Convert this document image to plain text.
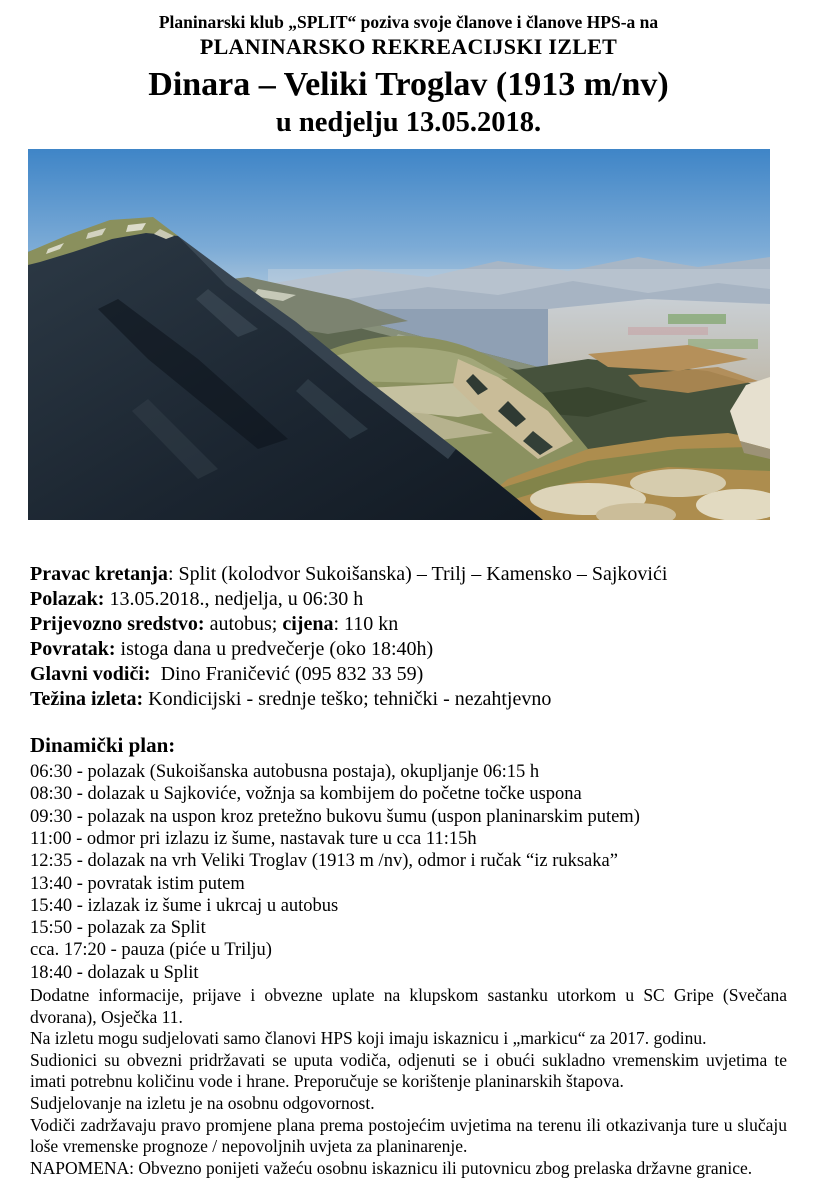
Planinarski klub „SPLIT“ poziva svoje članove i članove HPS-a na
PLANINARSKO REKREACIJSKI IZLET
Dinara – Veliki Troglav (1913 m/nv)
u nedjelju 13.05.2018.

Pravac kretanja: Split (kolodvor Sukoišanska) – Trilj – Kamensko – Sajkovići

Polazak: 13.05.2018., nedjelja, u 06:30 h

Prijevozno sredstvo: autobus; cijena: 110 kn

Povratak: istoga dana u predvečerje (oko 18:40h)

Glavni vodiči:  Dino Franičević (095 832 33 59)

Težina izleta: Kondicijski - srednje teško; tehnički - nezahtjevno

Dinamički plan:

06:30 - polazak (Sukoišanska autobusna postaja), okupljanje 06:15 h

08:30 - dolazak u Sajkoviće, vožnja sa kombijem do početne točke uspona

09:30 - polazak na uspon kroz pretežno bukovu šumu (uspon planinarskim putem)

11:00 - odmor pri izlazu iz šume, nastavak ture u cca 11:15h

12:35 - dolazak na vrh Veliki Troglav (1913 m /nv), odmor i ručak “iz ruksaka”

13:40 - povratak istim putem

15:40 - izlazak iz šume i ukrcaj u autobus

15:50 - polazak za Split

cca. 17:20 - pauza (piće u Trilju)

18:40 - dolazak u Split

Dodatne informacije, prijave i obvezne uplate na klupskom sastanku utorkom u SC Gripe (Svečana dvorana), Osječka 11.

Na izletu mogu sudjelovati samo članovi HPS koji imaju iskaznicu i „markicu“ za 2017. godinu.

Sudionici su obvezni pridržavati se uputa vodiča, odjenuti se i obući sukladno vremenskim uvjetima te imati potrebnu količinu vode i hrane. Preporučuje se korištenje planinarskih štapova.

Sudjelovanje na izletu je na osobnu odgovornost.

Vodiči zadržavaju pravo promjene plana prema postojećim uvjetima na terenu ili otkazivanja ture u slučaju loše vremenske prognoze / nepovoljnih uvjeta za planinarenje.

NAPOMENA: Obvezno ponijeti važeću osobnu iskaznicu ili putovnicu zbog prelaska državne granice.
